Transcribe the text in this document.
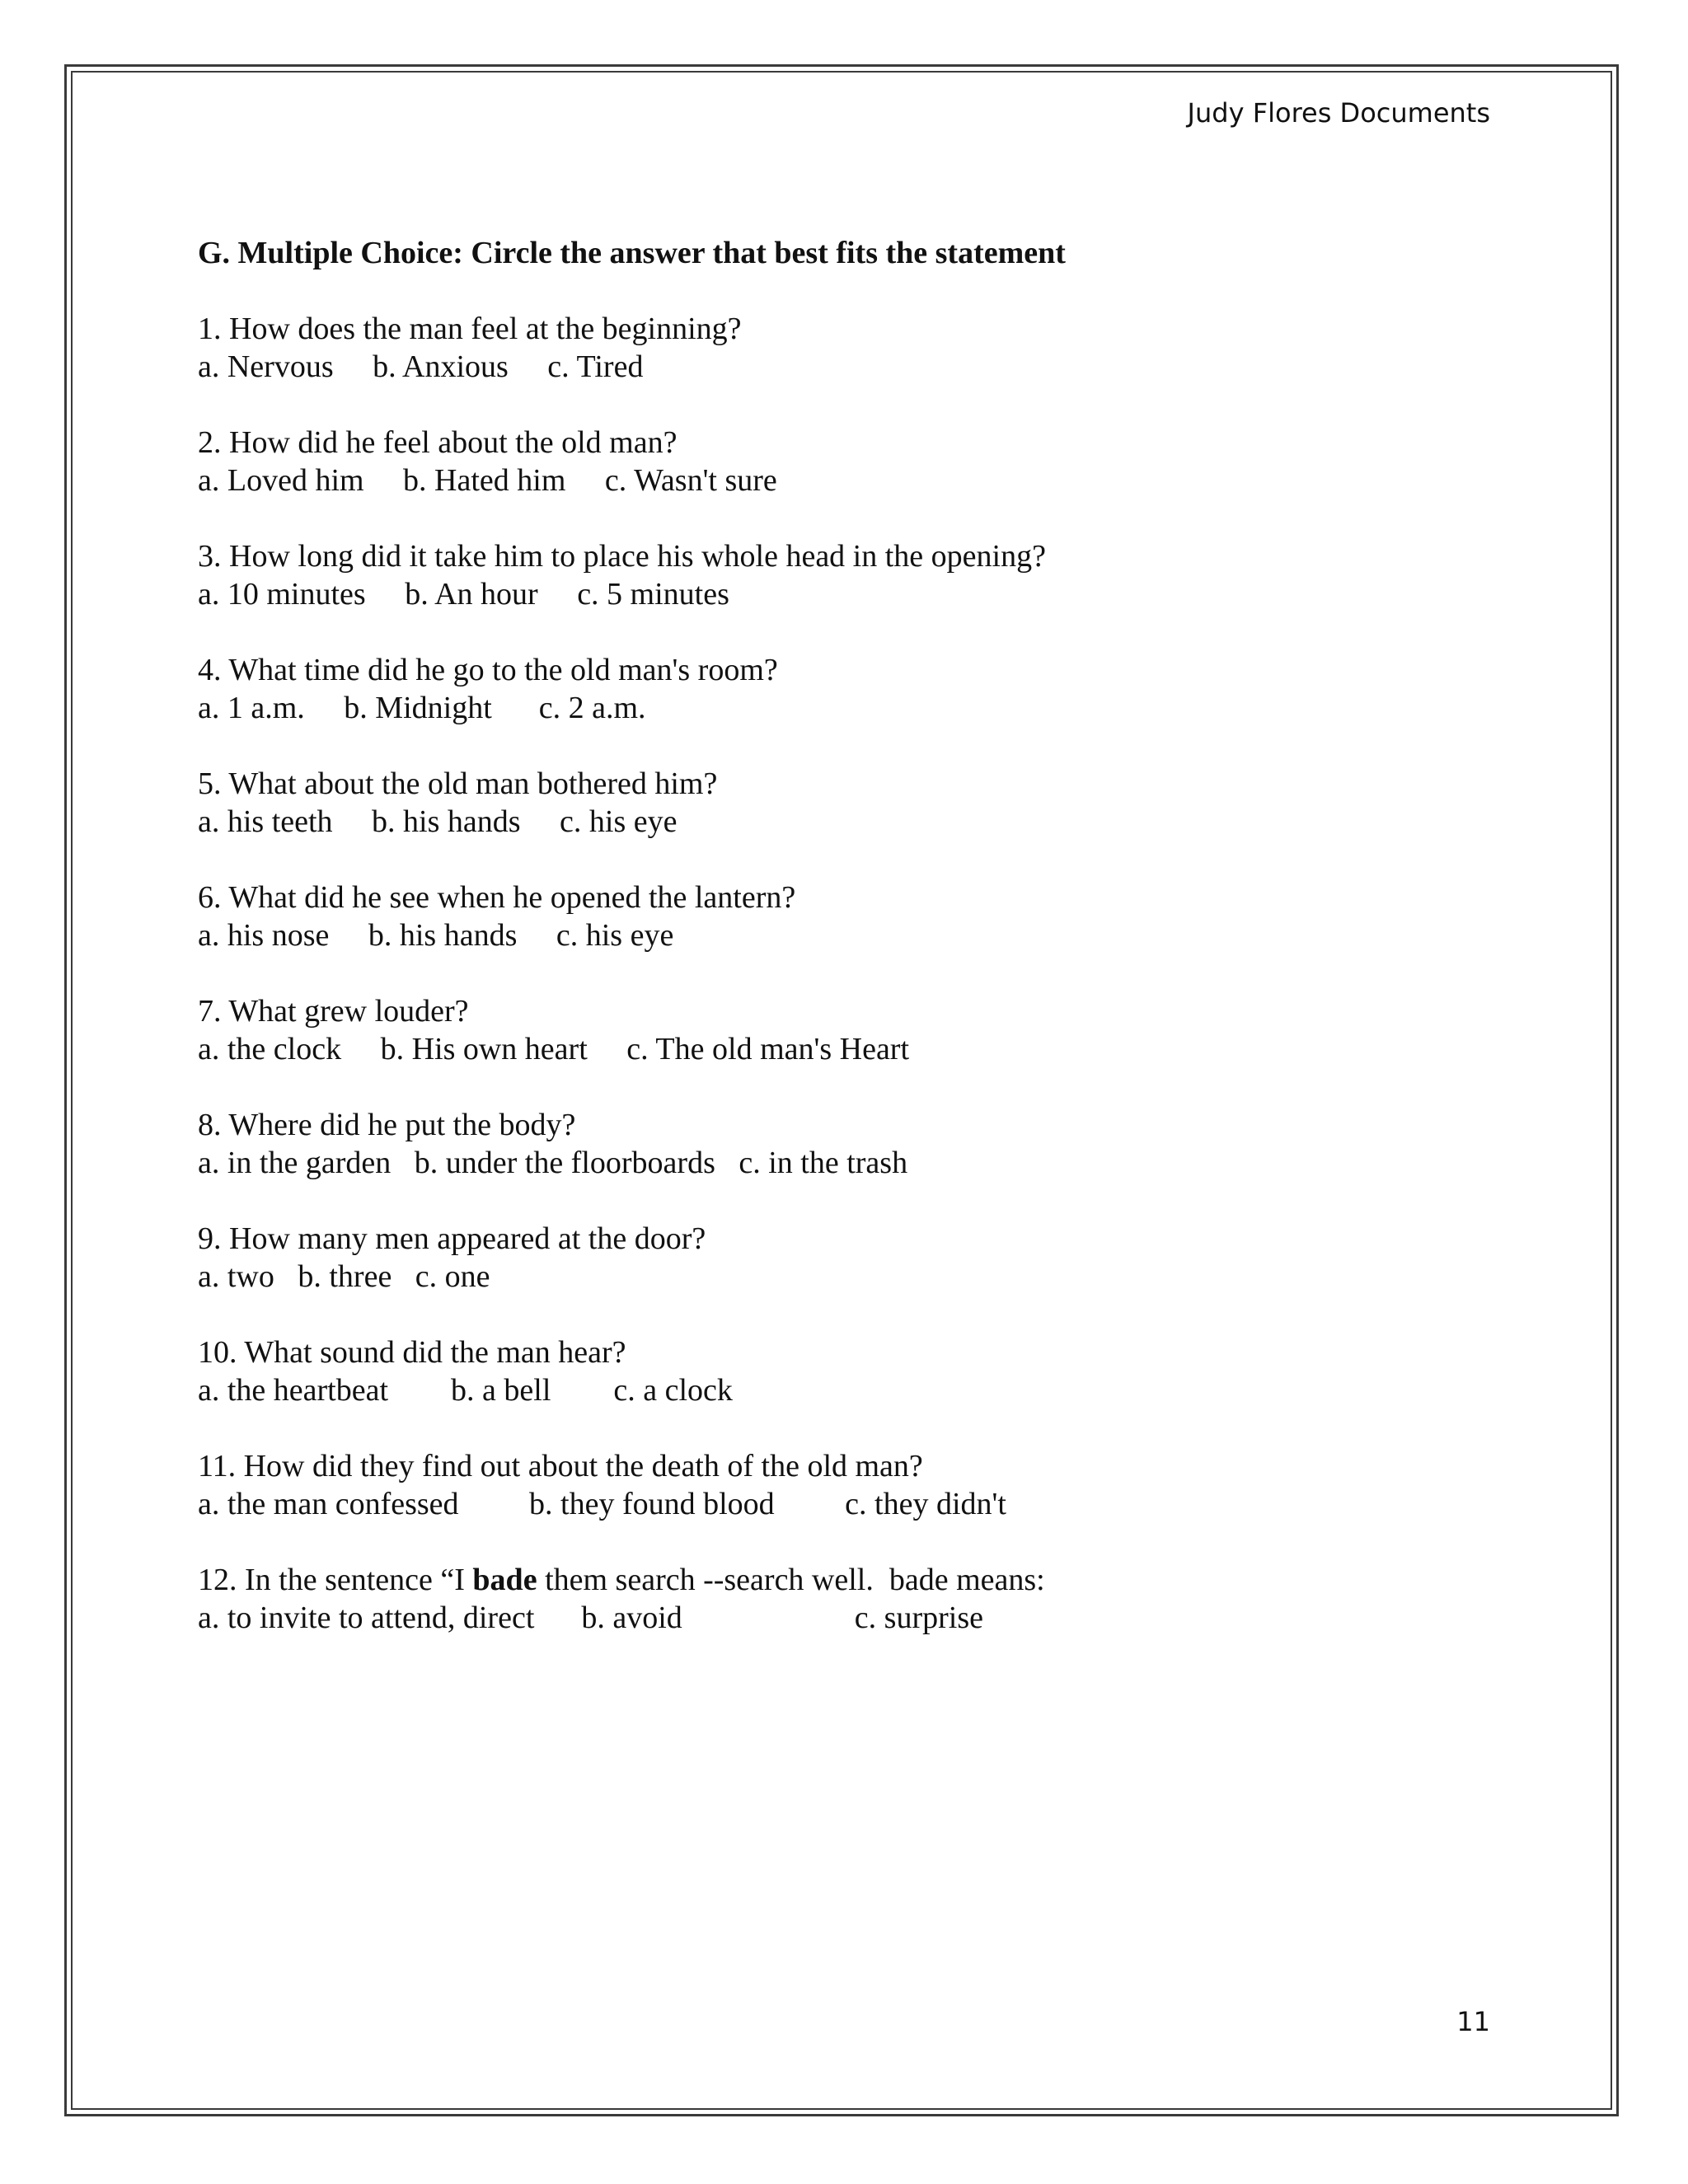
Judy Flores Documents
G. Multiple Choice: Circle the answer that best fits the statement
1. How does the man feel at the beginning?
a. Nervous     b. Anxious     c. Tired
2. How did he feel about the old man?
a. Loved him     b. Hated him     c. Wasn't sure
3. How long did it take him to place his whole head in the opening?
a. 10 minutes     b. An hour     c. 5 minutes
4. What time did he go to the old man's room?
a. 1 a.m.     b. Midnight      c. 2 a.m.
5. What about the old man bothered him?
a. his teeth     b. his hands     c. his eye
6. What did he see when he opened the lantern?
a. his nose     b. his hands     c. his eye
7. What grew louder?
a. the clock     b. His own heart     c. The old man's Heart
8. Where did he put the body?
a. in the garden   b. under the floorboards   c. in the trash
9. How many men appeared at the door?
a. two   b. three   c. one
10. What sound did the man hear?
a. the heartbeat        b. a bell        c. a clock
11. How did they find out about the death of the old man?
a. the man confessed         b. they found blood         c. they didn't
12. In the sentence “I bade them search --search well.  bade means:
a. to invite to attend, direct      b. avoid                      c. surprise
11
